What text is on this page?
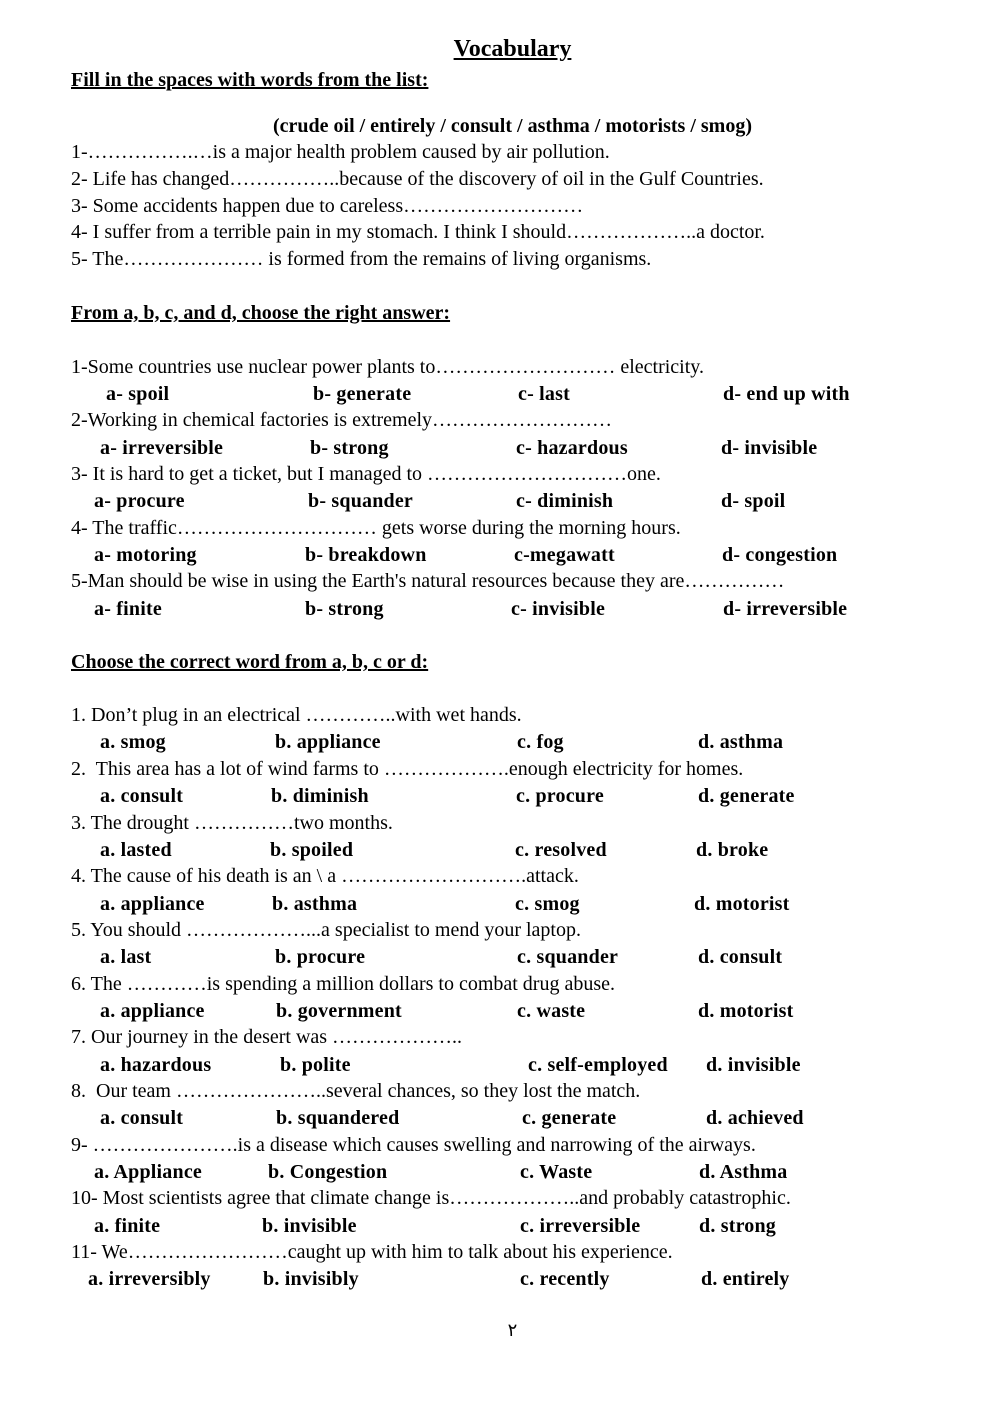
Vocabulary
Fill in the spaces with words from the list:
(crude oil / entirely / consult / asthma / motorists / smog)
1-…………….…is a major health problem caused by air pollution.
2- Life has changed……………..because of the discovery of oil in the Gulf Countries.
3- Some accidents happen due to careless………………………
4- I suffer from a terrible pain in my stomach. I think I should………………..a doctor.
5- The………………… is formed from the remains of living organisms.
From a, b, c, and d, choose the right answer:
1-Some countries use nuclear power plants to……………………… electricity.
a- spoil	b- generate	c- last	d- end up with
2-Working in chemical factories is extremely………………………
a- irreversible	b- strong	c- hazardous	d- invisible
3- It is hard to get a ticket, but I managed to …………………………one.
a- procure	b- squander	c- diminish	d- spoil
4- The traffic………………………… gets worse during the morning hours.
a- motoring	b- breakdown	c-megawatt	d- congestion
5-Man should be wise in using the Earth's natural resources because they are……………
a- finite	b- strong	c- invisible	d- irreversible
Choose the correct word from a, b, c or d:
1. Don’t plug in an electrical …………..with wet hands.
a. smog	b. appliance	c. fog	d. asthma
2.  This area has a lot of wind farms to ……………….enough electricity for homes.
a. consult	b. diminish	c. procure	d. generate
3. The drought ……………two months.
a. lasted	b. spoiled	c. resolved	d. broke
4. The cause of his death is an \ a ……………………….attack.
a. appliance	b. asthma	c. smog	d. motorist
5. You should ………………...a specialist to mend your laptop.
a. last	b. procure	c. squander	d. consult
6. The …………is spending a million dollars to combat drug abuse.
a. appliance	b. government	c. waste	d. motorist
7. Our journey in the desert was ………………..
a. hazardous	b. polite	c. self-employed d. invisible
8.  Our team …………………..several chances, so they lost the match.
a. consult	b. squandered	c. generate	d. achieved
9- ………………….is a disease which causes swelling and narrowing of the airways.
a. Appliance	b. Congestion	c. Waste	d. Asthma
10- Most scientists agree that climate change is………………..and probably catastrophic.
a. finite	b. invisible	c. irreversible	d. strong
11- We……………………caught up with him to talk about his experience.
a. irreversibly	b. invisibly	c. recently	d. entirely
٢
